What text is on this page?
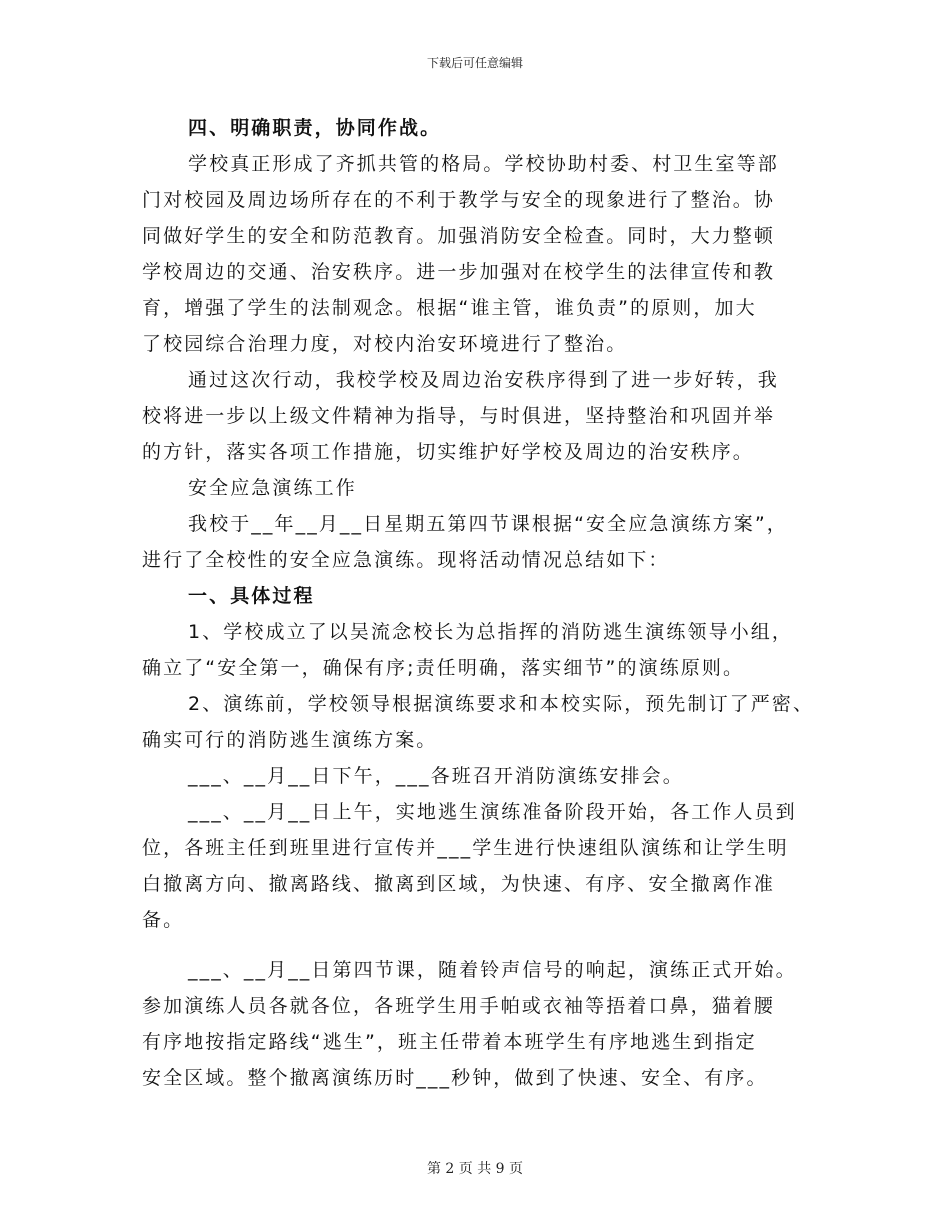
下载后可任意编辑
四、明确职责，协同作战。
学校真正形成了齐抓共管的格局。学校协助村委、村卫生室等部
门对校园及周边场所存在的不利于教学与安全的现象进行了整治。协
同做好学生的安全和防范教育。加强消防安全检查。同时，大力整顿
学校周边的交通、治安秩序。进一步加强对在校学生的法律宣传和教
育，增强了学生的法制观念。根据“谁主管，谁负责”的原则，加大
了校园综合治理力度，对校内治安环境进行了整治。
通过这次行动，我校学校及周边治安秩序得到了进一步好转，我
校将进一步以上级文件精神为指导，与时俱进，坚持整治和巩固并举
的方针，落实各项工作措施，切实维护好学校及周边的治安秩序。
安全应急演练工作
我校于__年__月__日星期五第四节课根据“安全应急演练方案”，
进行了全校性的安全应急演练。现将活动情况总结如下：
一、具体过程
1、学校成立了以吴流念校长为总指挥的消防逃生演练领导小组，
确立了“安全第一，确保有序;责任明确，落实细节”的演练原则。
2、演练前，学校领导根据演练要求和本校实际，预先制订了严密、
确实可行的消防逃生演练方案。
___、__月__日下午，___各班召开消防演练安排会。
___、__月__日上午，实地逃生演练准备阶段开始，各工作人员到
位，各班主任到班里进行宣传并___学生进行快速组队演练和让学生明
白撤离方向、撤离路线、撤离到区域，为快速、有序、安全撤离作准
备。
___、__月__日第四节课，随着铃声信号的响起，演练正式开始。
参加演练人员各就各位，各班学生用手帕或衣袖等捂着口鼻，猫着腰
有序地按指定路线“逃生”，班主任带着本班学生有序地逃生到指定
安全区域。整个撤离演练历时___秒钟，做到了快速、安全、有序。
第 2 页 共 9 页
